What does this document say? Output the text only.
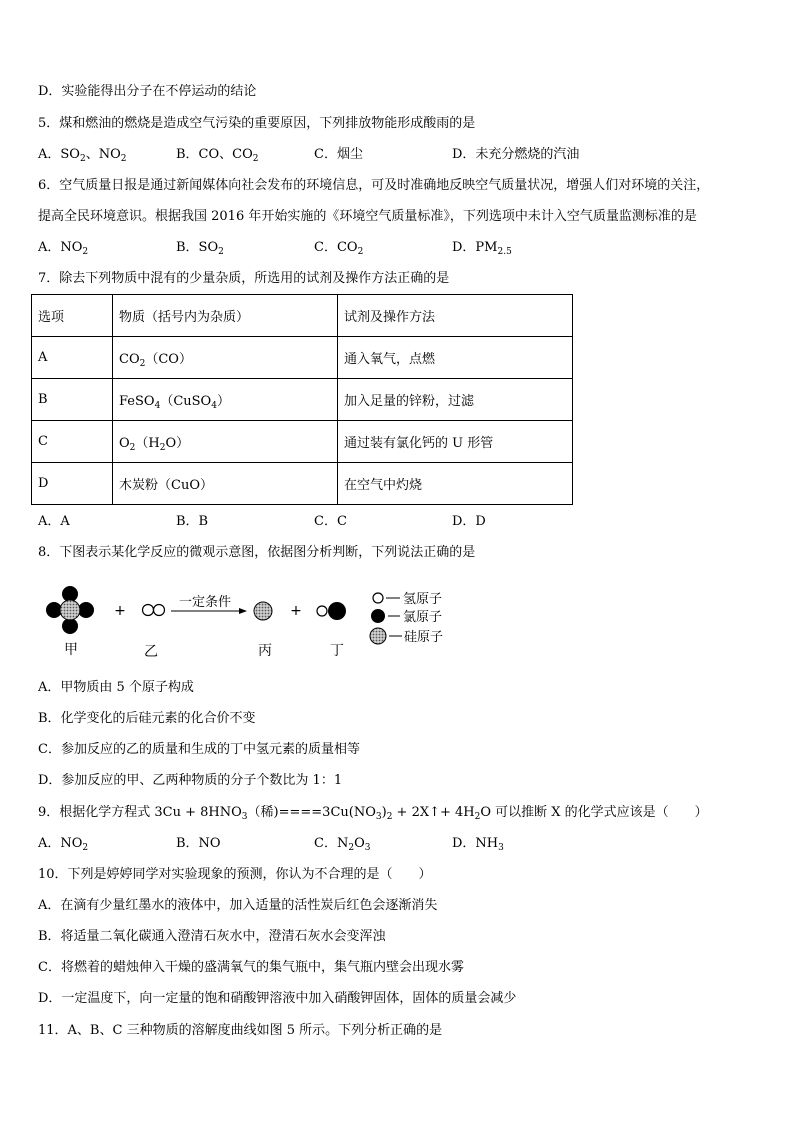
D．实验能得出分子在不停运动的结论
5．煤和燃油的燃烧是造成空气污染的重要原因，下列排放物能形成酸雨的是
A．$SO_2$、$NO_2$	B．CO、$CO_2$	C．烟尘	D．未充分燃烧的汽油
6．空气质量日报是通过新闻媒体向社会发布的环境信息，可及时准确地反映空气质量状况，增强人们对环境的关注，
提高全民环境意识。根据我国 2016 年开始实施的《环境空气质量标准》，下列选项中未计入空气质量监测标准的是
A．$NO_2$	B．$SO_2$	C．$CO_2$	D．$PM_{2.5}$
7．除去下列物质中混有的少量杂质，所选用的试剂及操作方法正确的是
选项	物质（括号内为杂质）	试剂及操作方法
A	$CO_2(CO)$	通入氧气，点燃
B	FeSO$_4$（CuSO$_4$）	加入足量的锌粉，过滤
C	$O_2(H_2O)$	通过装有氯化钙的 U 形管
D	木炭粉（CuO）	在空气中灼烧
A．A	B．B	C．C	D．D
8．下图表示某化学反应的微观示意图，依据图分析判断，下列说法正确的是
+
一定条件
+
甲	乙	丙	丁
氢原子
氯原子
硅原子
A．甲物质由 5 个原子构成
B．化学变化的后硅元素的化合价不变
C．参加反应的乙的质量和生成的丁中氢元素的质量相等
D．参加反应的甲、乙两种物质的分子个数比为 1：1
9．根据化学方程式 $3Cu + 8HNO_3$（稀)$====3Cu(NO_3)_2$ + 2X↑+ $4H_2O$ 可以推断 X 的化学式应该是（　　）
A．$NO_2$	B．NO	C．$N_2O_3$	D．$NH_3$
10．下列是婷婷同学对实验现象的预测，你认为不合理的是（　　）
A．在滴有少量红墨水的液体中，加入适量的活性炭后红色会逐渐消失
B．将适量二氧化碳通入澄清石灰水中，澄清石灰水会变浑浊
C．将燃着的蜡烛伸入干燥的盛满氧气的集气瓶中，集气瓶内壁会出现水雾
D．一定温度下，向一定量的饱和硝酸钾溶液中加入硝酸钾固体，固体的质量会减少
11．A、B、C 三种物质的溶解度曲线如图 5 所示。下列分析正确的是
